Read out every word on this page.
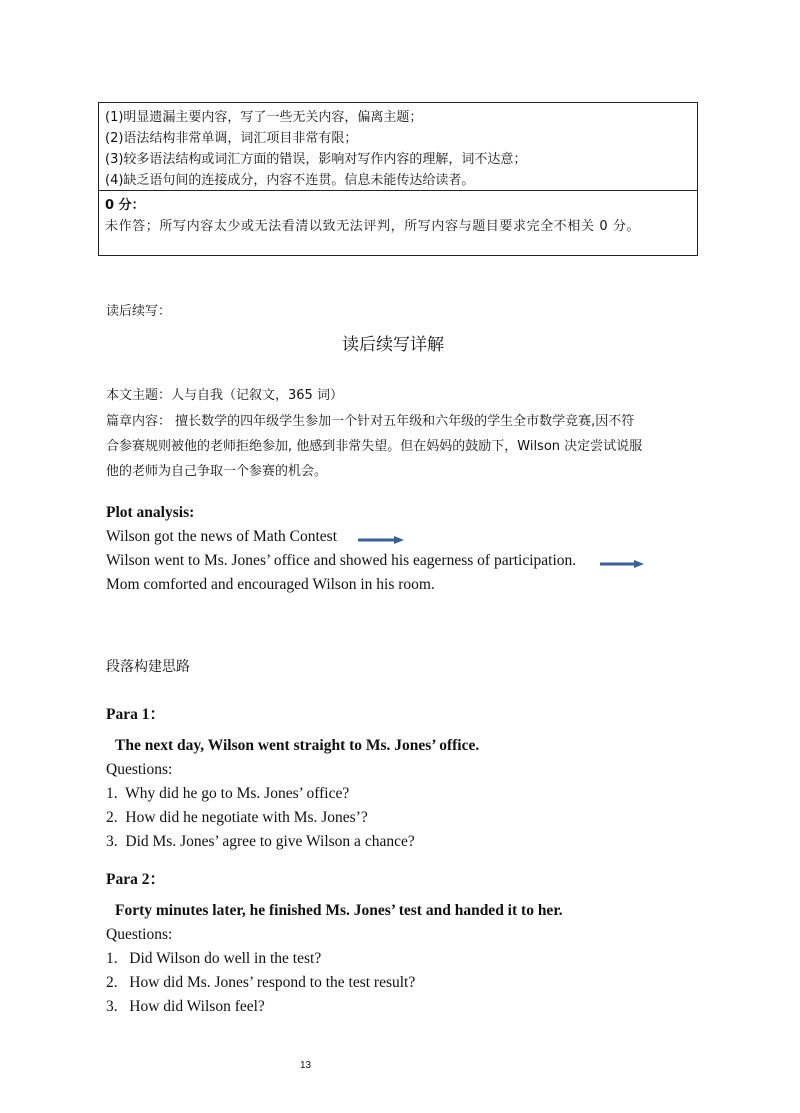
(1)明显遗漏主要内容，写了一些无关内容，偏离主题；
(2)语法结构非常单调，词汇项目非常有限；
(3)较多语法结构或词汇方面的错误，影响对写作内容的理解，词不达意；
(4)缺乏语句间的连接成分，内容不连贯。信息未能传达给读者。
0 分：
未作答；所写内容太少或无法看清以致无法评判，所写内容与题目要求完全不相关 0 分。

读后续写：

读后续写详解

本文主题：人与自我（记叙文，365 词）

篇章内容： 擅长数学的四年级学生参加一个针对五年级和六年级的学生全市数学竞赛,因不符

合参赛规则被他的老师拒绝参加, 他感到非常失望。但在妈妈的鼓励下，Wilson 决定尝试说服

他的老师为自己争取一个参赛的机会。

Plot analysis:

Wilson got the news of Math Contest

Wilson went to Ms. Jones’ office and showed his eagerness of participation.

Mom comforted and encouraged Wilson in his room.

段落构建思路

Para 1：

The next day, Wilson went straight to Ms. Jones’ office.

Questions:

1.  Why did he go to Ms. Jones’ office?

2.  How did he negotiate with Ms. Jones’?

3.  Did Ms. Jones’ agree to give Wilson a chance?

Para 2：

Forty minutes later, he finished Ms. Jones’ test and handed it to her.

Questions:

1.   Did Wilson do well in the test?

2.   How did Ms. Jones’ respond to the test result?

3.   How did Wilson feel?

13
